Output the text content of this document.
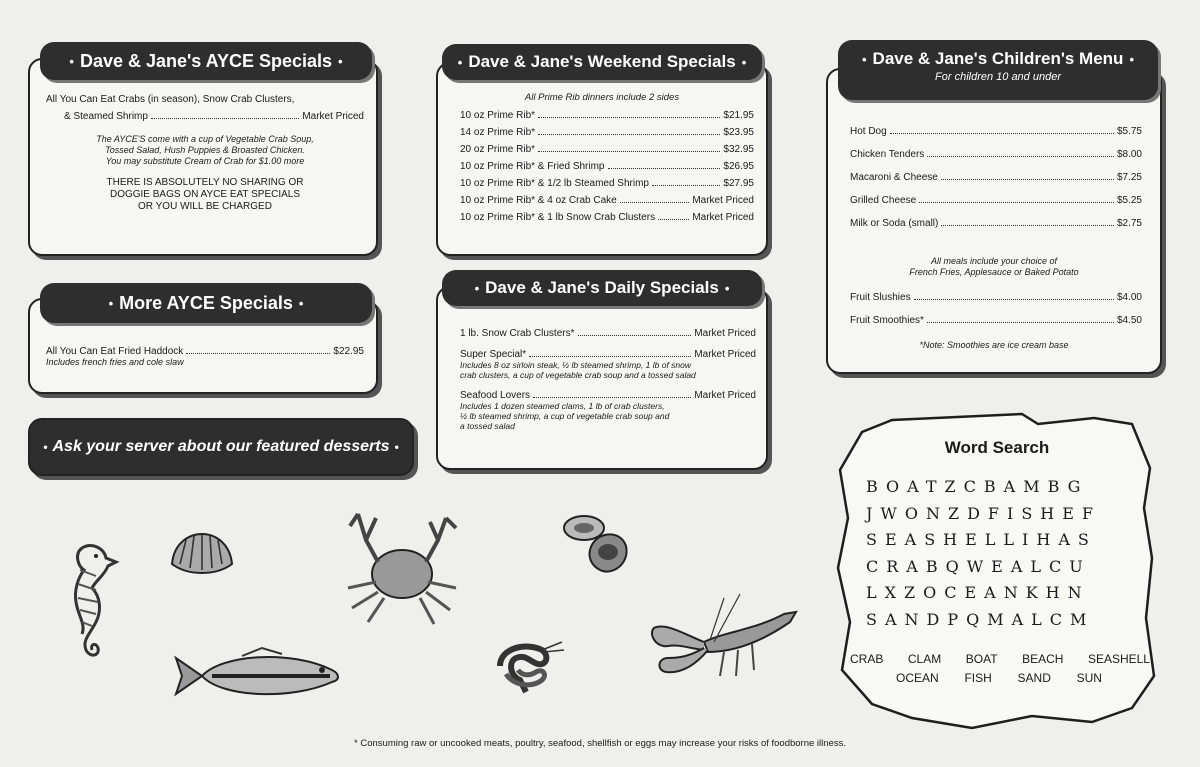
All You Can Eat Crabs (in season), Snow Crab Clusters,
& Steamed Shrimp	Market Priced
The AYCE'S come with a cup of Vegetable Crab Soup,
Tossed Salad, Hush Puppies & Broasted Chicken.
You may substitute Cream of Crab for $1.00 more
THERE IS ABSOLUTELY NO SHARING OR
DOGGIE BAGS ON AYCE EAT SPECIALS
OR YOU WILL BE CHARGED
• Dave & Jane's AYCE Specials •
All You Can Eat Fried Haddock	$22.95
Includes french fries and cole slaw
• More AYCE Specials •
• Ask your server about our featured desserts •
All Prime Rib dinners include 2 sides
10 oz Prime Rib*	$21.95
14 oz Prime Rib*	$23.95
20 oz Prime Rib*	$32.95
10 oz Prime Rib* & Fried Shrimp	$26.95
10 oz Prime Rib* & 1/2 lb Steamed Shrimp	$27.95
10 oz Prime Rib* & 4 oz Crab Cake	Market Priced
10 oz Prime Rib* & 1 lb Snow Crab Clusters	Market Priced
• Dave & Jane's Weekend Specials •
1 lb. Snow Crab Clusters*	Market Priced
Super Special*	Market Priced
Includes 8 oz sirloin steak, ½ lb steamed shrimp, 1 lb of snow
crab clusters, a cup of vegetable crab soup and a tossed salad
Seafood Lovers	Market Priced
Includes 1 dozen steamed clams, 1 lb of crab clusters,
½ lb steamed shrimp, a cup of vegetable crab soup and
a tossed salad
• Dave & Jane's Daily Specials •
Hot Dog	$5.75
Chicken Tenders	$8.00
Macaroni & Cheese	$7.25
Grilled Cheese	$5.25
Milk or Soda (small)	$2.75
All meals include your choice of
French Fries, Applesauce or Baked Potato
Fruit Slushies	$4.00
Fruit Smoothies*	$4.50
*Note: Smoothies are ice cream base
• Dave & Jane's Children's Menu •
For children 10 and under
Word Search
BOATZCBAMBG
JWONZDFISHEF
SEASHELLIHAS
CRABQWEALCU
LXZOCEANKHN
SANDPQMALCM
CRAB CLAM BOAT BEACH SEASHELL
OCEAN FISH SAND SUN
* Consuming raw or uncooked meats, poultry, seafood, shellfish or eggs may increase your risks of foodborne illness.
